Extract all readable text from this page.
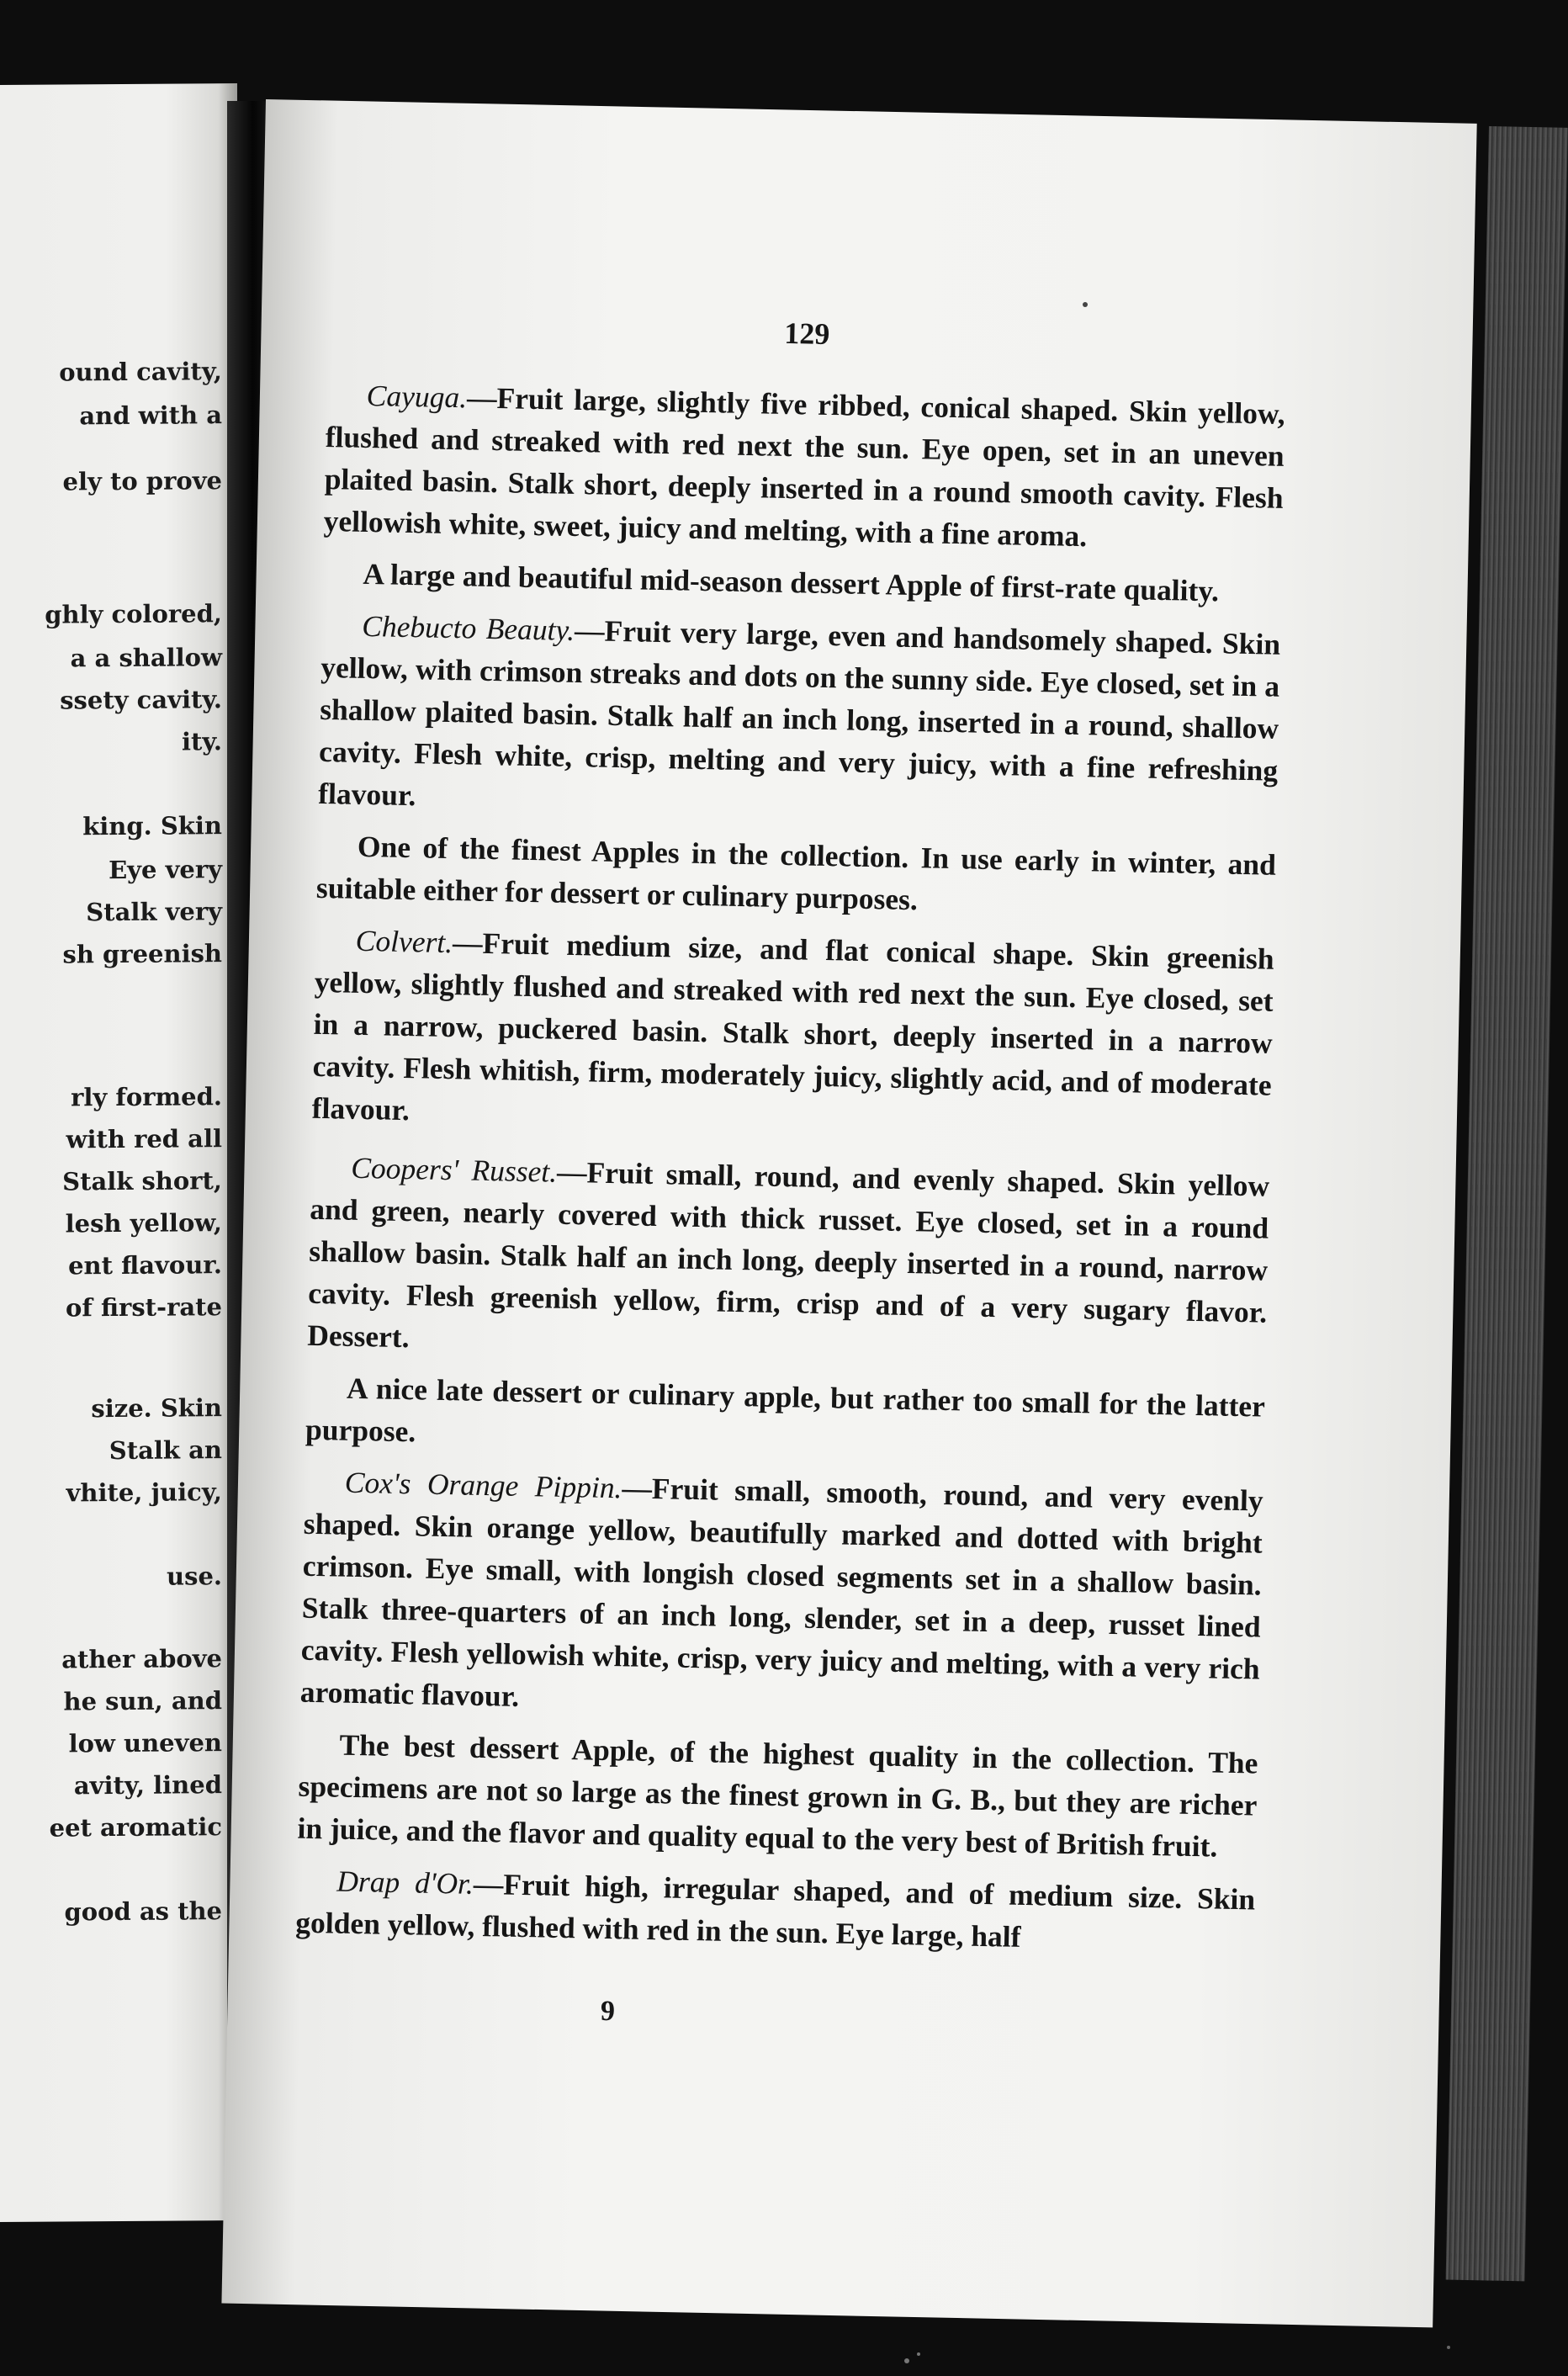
ound cavity,
and with a
ely to prove
ghly colored,
a a shallow
ssety cavity.
ity.
king. Skin
Eye very
Stalk very
sh greenish
rly formed.
with red all
Stalk short,
lesh yellow,
ent flavour.
of first-rate
size. Skin
Stalk an
vhite, juicy,
use.
ather above
he sun, and
low uneven
avity, lined
eet aromatic
good as the
129

Cayuga.—Fruit large, slightly five ribbed, conical shaped. Skin yellow, flushed and streaked with red next the sun. Eye open, set in an uneven plaited basin. Stalk short, deeply inserted in a round smooth cavity. Flesh yellowish white, sweet, juicy and melting, with a fine aroma.

A large and beautiful mid-season dessert Apple of first-rate quality.

Chebucto Beauty.—Fruit very large, even and handsomely shaped. Skin yellow, with crimson streaks and dots on the sunny side. Eye closed, set in a shallow plaited basin. Stalk half an inch long, inserted in a round, shallow cavity. Flesh white, crisp, melting and very juicy, with a fine refreshing flavour.

One of the finest Apples in the collection. In use early in winter, and suitable either for dessert or culinary purposes.

Colvert.—Fruit medium size, and flat conical shape. Skin greenish yellow, slightly flushed and streaked with red next the sun. Eye closed, set in a narrow, puckered basin. Stalk short, deeply inserted in a narrow cavity. Flesh whitish, firm, moderately juicy, slightly acid, and of moderate flavour.

Coopers' Russet.—Fruit small, round, and evenly shaped. Skin yellow and green, nearly covered with thick russet. Eye closed, set in a round shallow basin. Stalk half an inch long, deeply inserted in a round, narrow cavity. Flesh greenish yellow, firm, crisp and of a very sugary flavor. Dessert.

A nice late dessert or culinary apple, but rather too small for the latter purpose.

Cox's Orange Pippin.—Fruit small, smooth, round, and very evenly shaped. Skin orange yellow, beautifully marked and dotted with bright crimson. Eye small, with longish closed segments set in a shallow basin. Stalk three-quarters of an inch long, slender, set in a deep, russet lined cavity. Flesh yellowish white, crisp, very juicy and melting, with a very rich aromatic flavour.

The best dessert Apple, of the highest quality in the collection. The specimens are not so large as the finest grown in G. B., but they are richer in juice, and the flavor and quality equal to the very best of British fruit.

Drap d'Or.—Fruit high, irregular shaped, and of medium size. Skin golden yellow, flushed with red in the sun. Eye large, half

9
